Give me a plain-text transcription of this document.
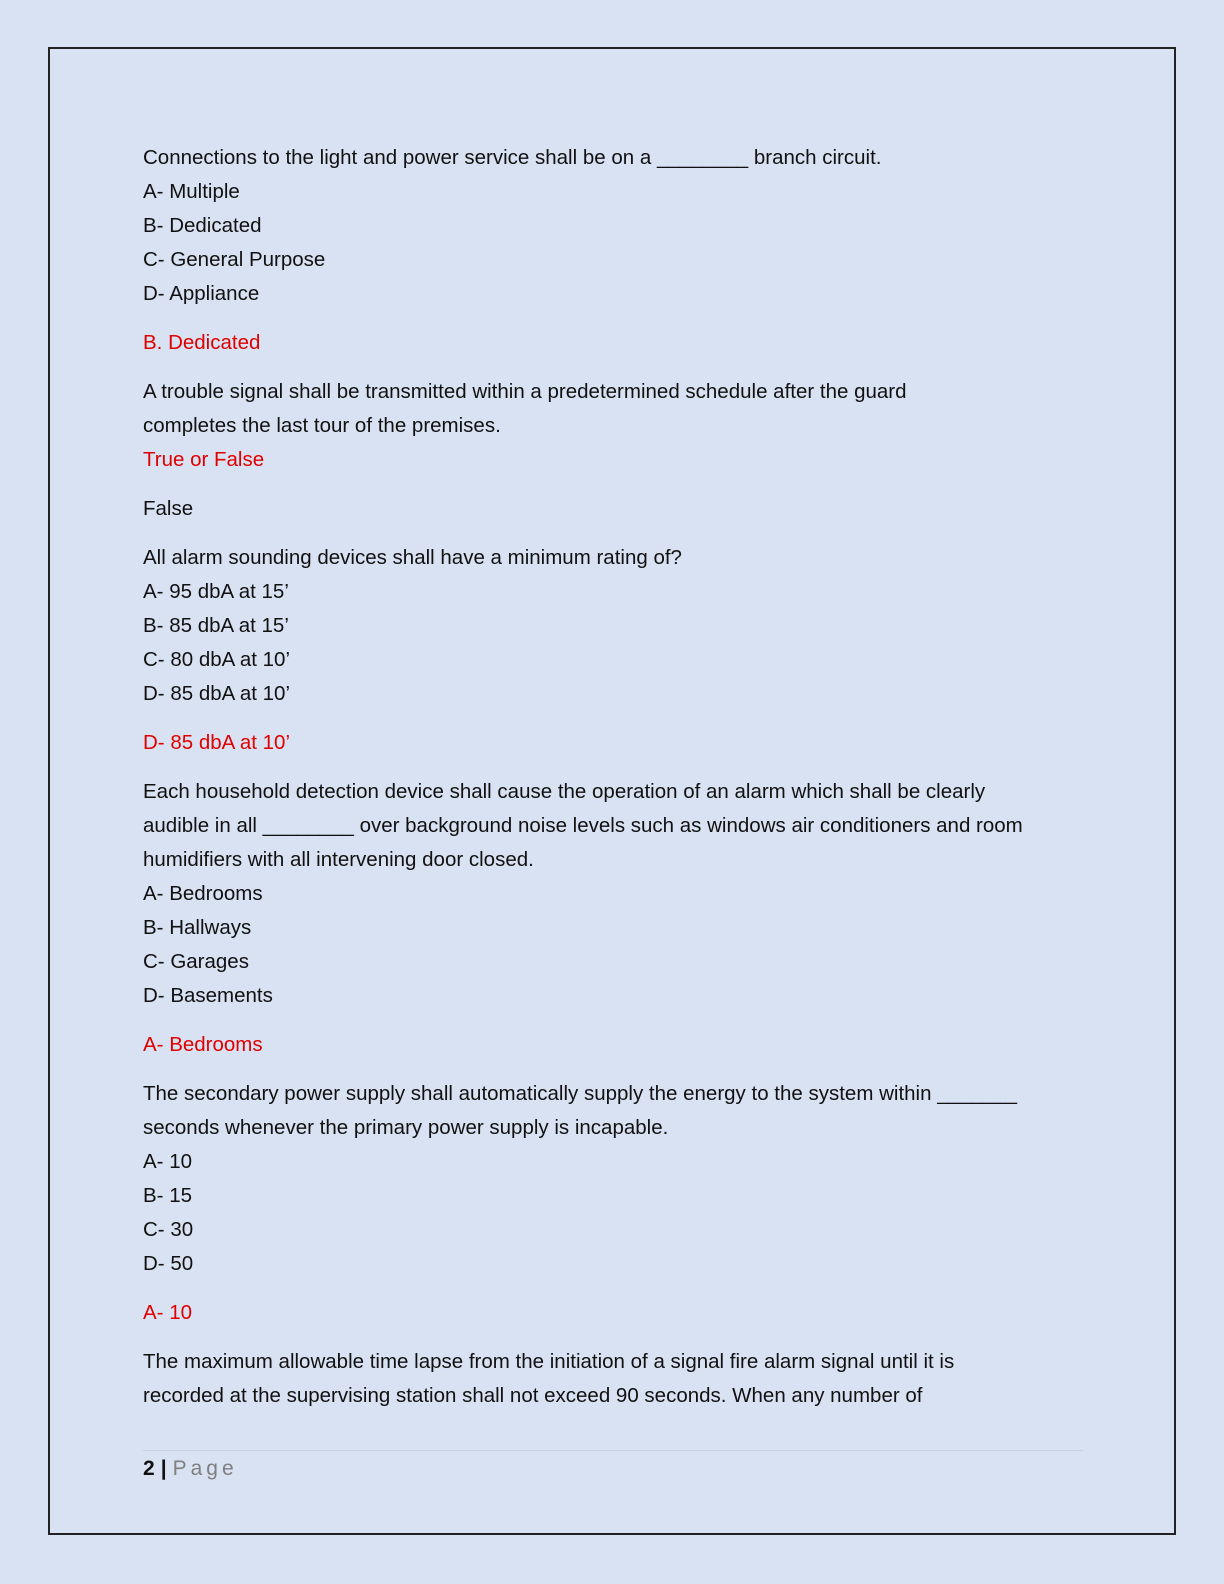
Connections to the light and power service shall be on a ________ branch circuit.
A- Multiple
B- Dedicated
C- General Purpose
D- Appliance
B. Dedicated
A trouble signal shall be transmitted within a predetermined schedule after the guard
completes the last tour of the premises.
True or False
False
All alarm sounding devices shall have a minimum rating of?
A- 95 dbA at 15’
B- 85 dbA at 15’
C- 80 dbA at 10’
D- 85 dbA at 10’
D- 85 dbA at 10’
Each household detection device shall cause the operation of an alarm which shall be clearly
audible in all ________ over background noise levels such as windows air conditioners and room
humidifiers with all intervening door closed.
A- Bedrooms
B- Hallways
C- Garages
D- Basements
A- Bedrooms
The secondary power supply shall automatically supply the energy to the system within _______
seconds whenever the primary power supply is incapable.
A- 10
B- 15
C- 30
D- 50
A- 10
The maximum allowable time lapse from the initiation of a signal fire alarm signal until it is
recorded at the supervising station shall not exceed 90 seconds. When any number of
2 | Page
